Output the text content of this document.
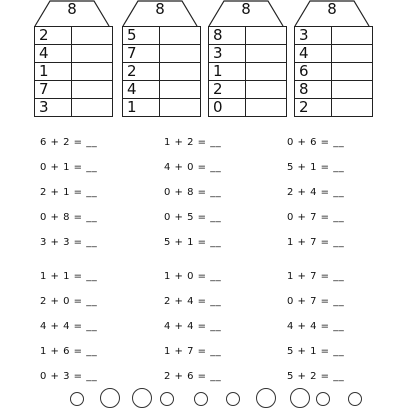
8
2	
4	
1	
7	
3	
8
5	
7	
2	
4	
1	
8
8	
3	
1	
2	
0	
8
3	
4	
6	
8	
2	
6 + 2 = __	1 + 2 = __	0 + 6 = __
0 + 1 = __	4 + 0 = __	5 + 1 = __
2 + 1 = __	0 + 8 = __	2 + 4 = __
0 + 8 = __	0 + 5 = __	0 + 7 = __
3 + 3 = __	5 + 1 = __	1 + 7 = __
1 + 1 = __	1 + 0 = __	1 + 7 = __
2 + 0 = __	2 + 4 = __	0 + 7 = __
4 + 4 = __	4 + 4 = __	4 + 4 = __
1 + 6 = __	1 + 7 = __	5 + 1 = __
0 + 3 = __	2 + 6 = __	5 + 2 = __
